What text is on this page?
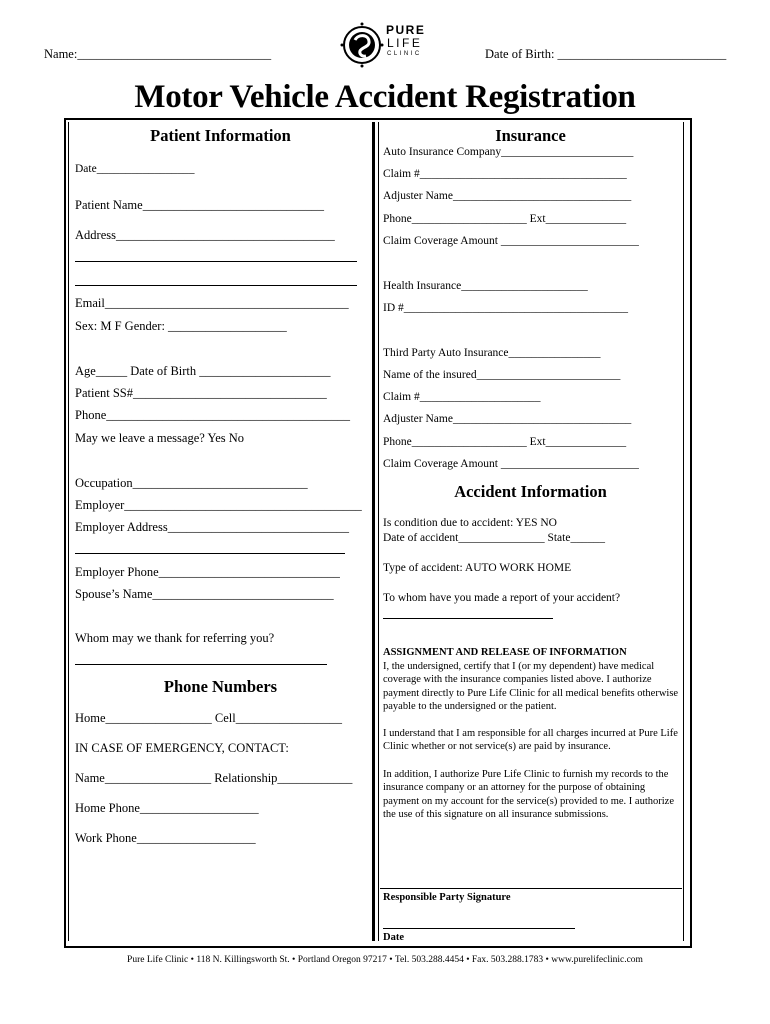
Name:_______________________________	Date of Birth: ___________________________
PURE
LIFE
CLINIC
Motor Vehicle Accident Registration
Patient Information
Date_________________
Patient Name_____________________________
Address___________________________________
Email_______________________________________
Sex: M F Gender: ___________________
Age_____ Date of Birth _____________________
Patient SS#_______________________________
Phone_______________________________________
May we leave a message? Yes No
Occupation____________________________
Employer______________________________________
Employer Address_____________________________
Employer Phone_____________________________
Spouse’s Name_____________________________
Whom may we thank for referring you?
Phone Numbers
Home_________________ Cell_________________
IN CASE OF EMERGENCY, CONTACT:
Name_________________ Relationship____________
Home Phone___________________
Work Phone___________________
Insurance
Auto Insurance Company_______________________
Claim #____________________________________
Adjuster Name_______________________________
Phone____________________ Ext______________
Claim Coverage Amount ________________________
Health Insurance______________________
ID #_______________________________________
Third Party Auto Insurance________________
Name of the insured_________________________
Claim #_____________________
Adjuster Name_______________________________
Phone____________________ Ext______________
Claim Coverage Amount ________________________
Accident Information
Is condition due to accident: YES NO
Date of accident_______________ State______
Type of accident: AUTO WORK HOME
To whom have you made a report of your accident?
ASSIGNMENT AND RELEASE OF INFORMATION
I, the undersigned, certify that I (or my dependent) have medical coverage with the insurance companies listed above. I authorize payment directly to Pure Life Clinic for all medical benefits otherwise payable to the undersigned or the patient.
I understand that I am responsible for all charges incurred at Pure Life Clinic whether or not service(s) are paid by insurance.
In addition, I authorize Pure Life Clinic to furnish my records to the insurance company or an attorney for the purpose of obtaining payment on my account for the service(s) provided to me. I authorize the use of this signature on all insurance submissions.
Responsible Party Signature
Date
Pure Life Clinic • 118 N. Killingsworth St. • Portland Oregon 97217 • Tel. 503.288.4454 • Fax. 503.288.1783 • www.purelifeclinic.com
